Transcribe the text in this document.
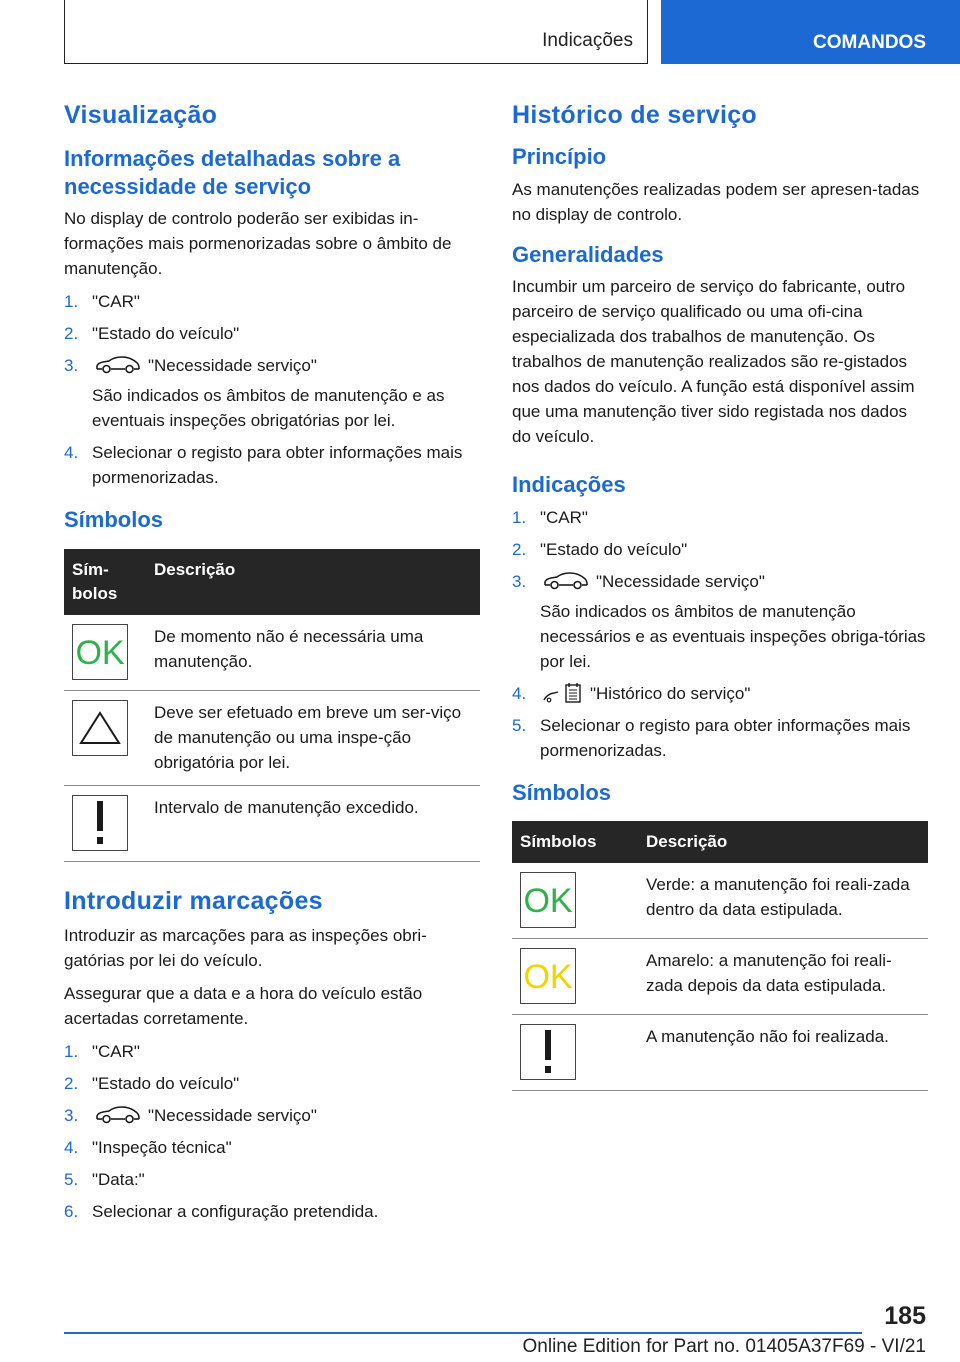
Indicações	COMANDOS
Visualização
Informações detalhadas sobre a necessidade de serviço

No display de controlo poderão ser exibidas in-formações mais pormenorizadas sobre o âmbito de manutenção.

1. "CAR"
2. "Estado do veículo"
3.	"Necessidade serviço"
São indicados os âmbitos de manutenção e as eventuais inspeções obrigatórias por lei.
4. Selecionar o registo para obter informações mais pormenorizadas.
Símbolos
Sím-bolos	Descrição

OK	De momento não é necessária uma manutenção.

	Deve ser efetuado em breve um ser-viço de manutenção ou uma inspe-ção obrigatória por lei.

	Intervalo de manutenção excedido.
Introduzir marcações

Introduzir as marcações para as inspeções obri-gatórias por lei do veículo.

Assegurar que a data e a hora do veículo estão acertadas corretamente.

1. "CAR"
2. "Estado do veículo"
3.	"Necessidade serviço"
4. "Inspeção técnica"
5. "Data:"
6. Selecionar a configuração pretendida.
Histórico de serviço
Princípio

As manutenções realizadas podem ser apresen-tadas no display de controlo.

Generalidades

Incumbir um parceiro de serviço do fabricante, outro parceiro de serviço qualificado ou uma ofi-cina especializada dos trabalhos de manutenção. Os trabalhos de manutenção realizados são re-gistados nos dados do veículo. A função está disponível assim que uma manutenção tiver sido registada nos dados do veículo.

Indicações
1. "CAR"
2. "Estado do veículo"
3.	"Necessidade serviço"
São indicados os âmbitos de manutenção necessários e as eventuais inspeções obriga-tórias por lei.
4.	"Histórico do serviço"
5. Selecionar o registo para obter informações mais pormenorizadas.
Símbolos
Símbolos	Descrição

OK	Verde: a manutenção foi reali-zada dentro da data estipulada.

OK	Amarelo: a manutenção foi reali-zada depois da data estipulada.

	A manutenção não foi realizada.
185
Online Edition for Part no. 01405A37F69 - VI/21
